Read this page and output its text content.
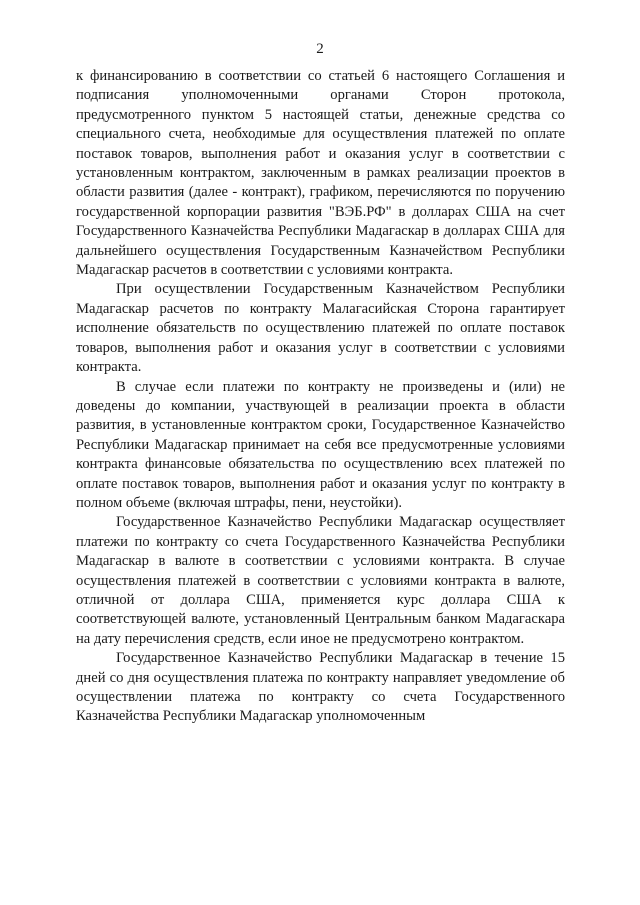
2

к финансированию в соответствии со статьей 6 настоящего Соглашения и подписания уполномоченными органами Сторон протокола, предусмотренного пунктом 5 настоящей статьи, денежные средства со специального счета, необходимые для осуществления платежей по оплате поставок товаров, выполнения работ и оказания услуг в соответствии с установленным контрактом, заключенным в рамках реализации проектов в области развития (далее - контракт), графиком, перечисляются по поручению государственной корпорации развития "ВЭБ.РФ" в долларах США на счет Государственного Казначейства Республики Мадагаскар в долларах США для дальнейшего осуществления Государственным Казначейством Республики Мадагаскар расчетов в соответствии с условиями контракта.

При осуществлении Государственным Казначейством Республики Мадагаскар расчетов по контракту Малагасийская Сторона гарантирует исполнение обязательств по осуществлению платежей по оплате поставок товаров, выполнения работ и оказания услуг в соответствии с условиями контракта.

В случае если платежи по контракту не произведены и (или) не доведены до компании, участвующей в реализации проекта в области развития, в установленные контрактом сроки, Государственное Казначейство Республики Мадагаскар принимает на себя все предусмотренные условиями контракта финансовые обязательства по осуществлению всех платежей по оплате поставок товаров, выполнения работ и оказания услуг по контракту в полном объеме (включая штрафы, пени, неустойки).

Государственное Казначейство Республики Мадагаскар осуществляет платежи по контракту со счета Государственного Казначейства Республики Мадагаскар в валюте в соответствии с условиями контракта. В случае осуществления платежей в соответствии с условиями контракта в валюте, отличной от доллара США, применяется курс доллара США к соответствующей валюте, установленный Центральным банком Мадагаскара на дату перечисления средств, если иное не предусмотрено контрактом.

Государственное Казначейство Республики Мадагаскар в течение 15 дней со дня осуществления платежа по контракту направляет уведомление об осуществлении платежа по контракту со счета Государственного Казначейства Республики Мадагаскар уполномоченным
